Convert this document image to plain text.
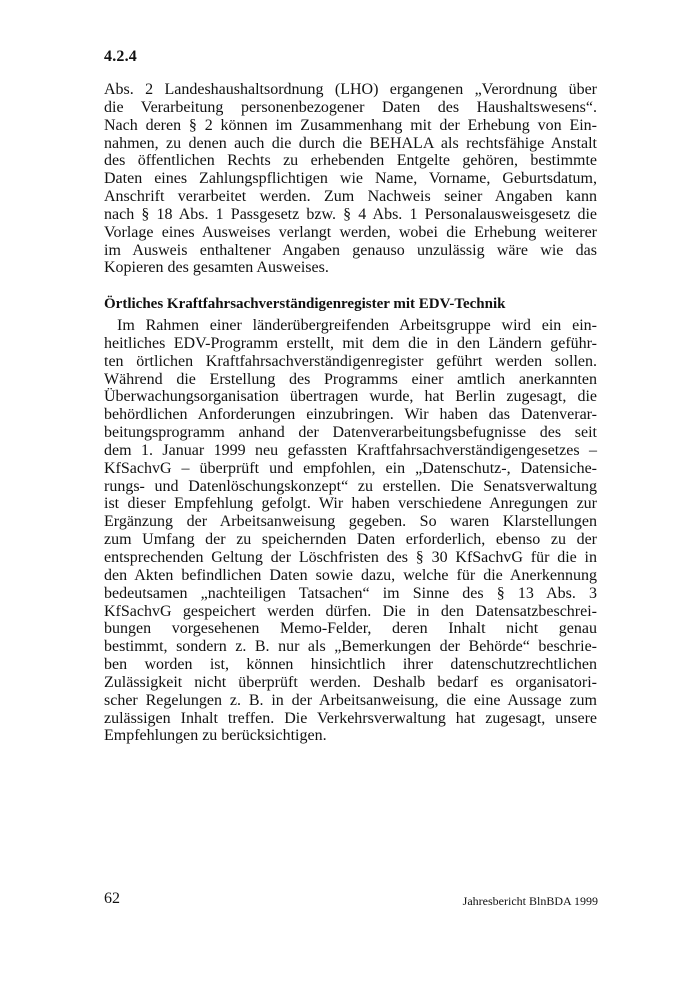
4.2.4
Abs. 2 Landeshaushaltsordnung (LHO) ergangenen „Verordnung über
die Verarbeitung personenbezogener Daten des Haushaltswesens“.
Nach deren § 2 können im Zusammenhang mit der Erhebung von Ein-
nahmen, zu denen auch die durch die BEHALA als rechtsfähige Anstalt
des öffentlichen Rechts zu erhebenden Entgelte gehören, bestimmte
Daten eines Zahlungspflichtigen wie Name, Vorname, Geburtsdatum,
Anschrift verarbeitet werden. Zum Nachweis seiner Angaben kann
nach § 18 Abs. 1 Passgesetz bzw. § 4 Abs. 1 Personalausweisgesetz die
Vorlage eines Ausweises verlangt werden, wobei die Erhebung weiterer
im Ausweis enthaltener Angaben genauso unzulässig wäre wie das
Kopieren des gesamten Ausweises.
Örtliches Kraftfahrsachverständigenregister mit EDV-Technik
Im Rahmen einer länderübergreifenden Arbeitsgruppe wird ein ein-
heitliches EDV-Programm erstellt, mit dem die in den Ländern geführ-
ten örtlichen Kraftfahrsachverständigenregister geführt werden sollen.
Während die Erstellung des Programms einer amtlich anerkannten
Überwachungsorganisation übertragen wurde, hat Berlin zugesagt, die
behördlichen Anforderungen einzubringen. Wir haben das Datenverar-
beitungsprogramm anhand der Datenverarbeitungsbefugnisse des seit
dem 1. Januar 1999 neu gefassten Kraftfahrsachverständigengesetzes –
KfSachvG – überprüft und empfohlen, ein „Datenschutz-, Datensiche-
rungs- und Datenlöschungskonzept“ zu erstellen. Die Senatsverwaltung
ist dieser Empfehlung gefolgt. Wir haben verschiedene Anregungen zur
Ergänzung der Arbeitsanweisung gegeben. So waren Klarstellungen
zum Umfang der zu speichernden Daten erforderlich, ebenso zu der
entsprechenden Geltung der Löschfristen des § 30 KfSachvG für die in
den Akten befindlichen Daten sowie dazu, welche für die Anerkennung
bedeutsamen „nachteiligen Tatsachen“ im Sinne des § 13 Abs. 3
KfSachvG gespeichert werden dürfen. Die in den Datensatzbeschrei-
bungen vorgesehenen Memo-Felder, deren Inhalt nicht genau
bestimmt, sondern z. B. nur als „Bemerkungen der Behörde“ beschrie-
ben worden ist, können hinsichtlich ihrer datenschutzrechtlichen
Zulässigkeit nicht überprüft werden. Deshalb bedarf es organisatori-
scher Regelungen z. B. in der Arbeitsanweisung, die eine Aussage zum
zulässigen Inhalt treffen. Die Verkehrsverwaltung hat zugesagt, unsere
Empfehlungen zu berücksichtigen.
62	Jahresbericht BlnBDA 1999
